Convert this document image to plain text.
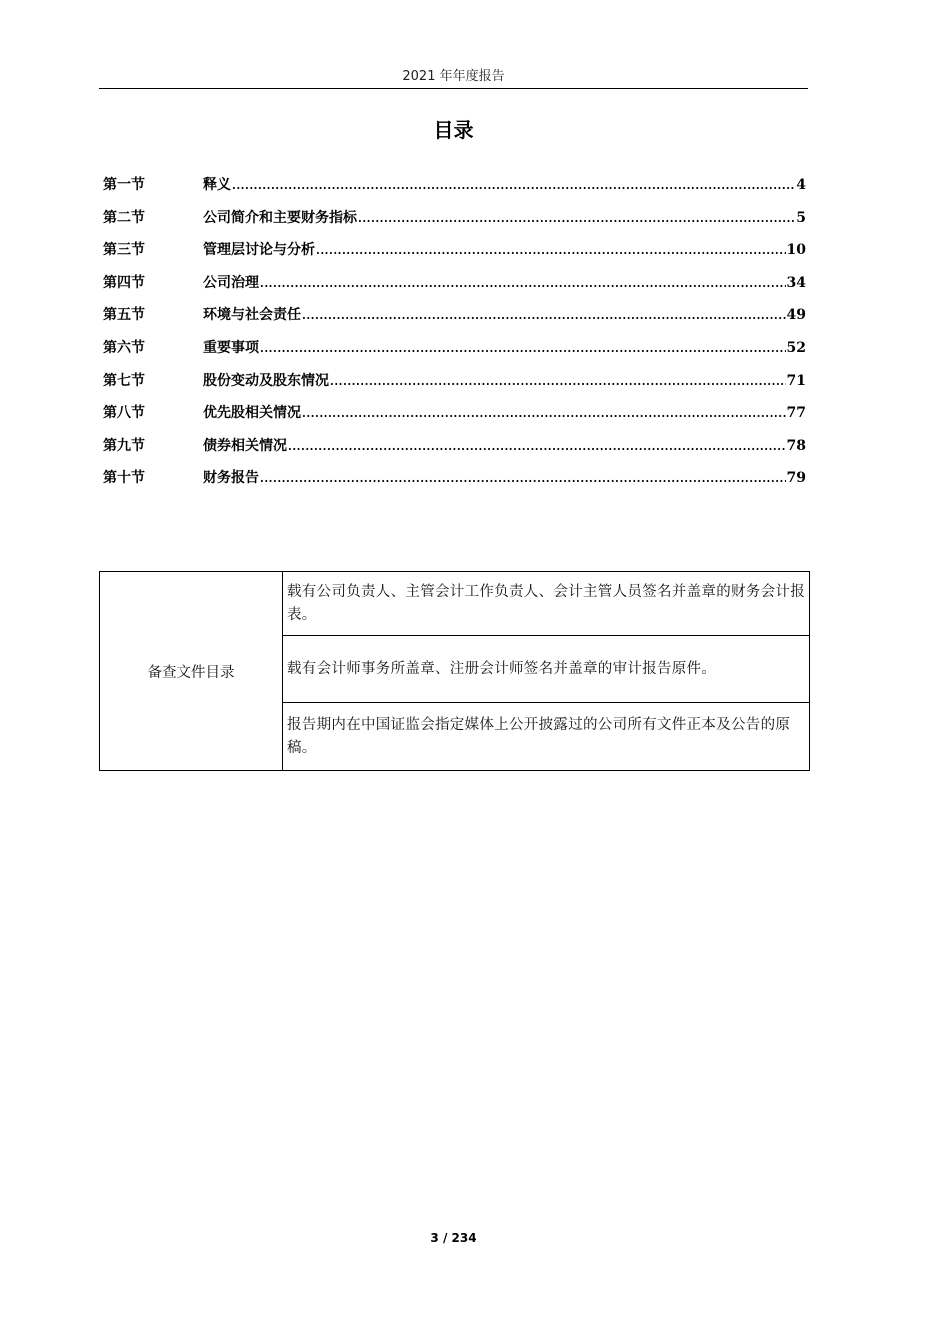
2021 年年度报告
目录
第一节	释义 .....	4
第二节	公司简介和主要财务指标 .....	5
第三节	管理层讨论与分析 .....	10
第四节	公司治理 .....	34
第五节	环境与社会责任 .....	49
第六节	重要事项 .....	52
第七节	股份变动及股东情况 .....	71
第八节	优先股相关情况 .....	77
第九节	债券相关情况 .....	78
第十节	财务报告 .....	79
备查文件目录	载有公司负责人、主管会计工作负责人、会计主管人员签名并盖章的财务会计报表。
载有会计师事务所盖章、注册会计师签名并盖章的审计报告原件。
报告期内在中国证监会指定媒体上公开披露过的公司所有文件正本及公告的原稿。
3 / 234
